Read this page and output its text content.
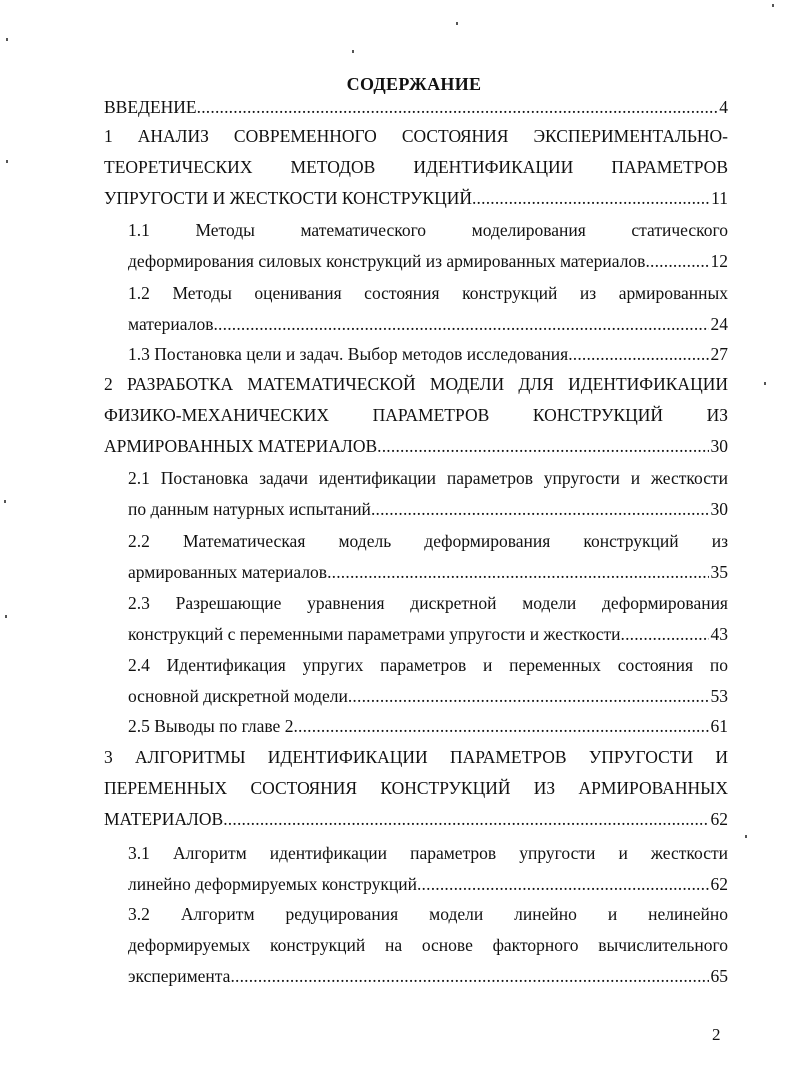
СОДЕРЖАНИЕ
ВВЕДЕНИЕ .....	4
1 АНАЛИЗ СОВРЕМЕННОГО СОСТОЯНИЯ ЭКСПЕРИМЕНТАЛЬНО-
ТЕОРЕТИЧЕСКИХ МЕТОДОВ ИДЕНТИФИКАЦИИ ПАРАМЕТРОВ
УПРУГОСТИ И ЖЕСТКОСТИ КОНСТРУКЦИЙ .....	11
1.1 Методы математического моделирования статического
деформирования силовых конструкций из армированных материалов .....	12
1.2 Методы оценивания состояния конструкций из армированных
материалов .....	24
1.3 Постановка цели и задач. Выбор методов исследования .....	27
2 РАЗРАБОТКА МАТЕМАТИЧЕСКОЙ МОДЕЛИ ДЛЯ ИДЕНТИФИКАЦИИ
ФИЗИКО-МЕХАНИЧЕСКИХ ПАРАМЕТРОВ КОНСТРУКЦИЙ ИЗ
АРМИРОВАННЫХ МАТЕРИАЛОВ .....	30
2.1 Постановка задачи идентификации параметров упругости и жесткости
по данным натурных испытаний .....	30
2.2 Математическая модель деформирования конструкций из
армированных материалов .....	35
2.3 Разрешающие уравнения дискретной модели деформирования
конструкций с переменными параметрами упругости и жесткости .....	43
2.4 Идентификация упругих параметров и переменных состояния по
основной дискретной модели .....	53
2.5 Выводы по главе 2 .....	61
3 АЛГОРИТМЫ ИДЕНТИФИКАЦИИ ПАРАМЕТРОВ УПРУГОСТИ И
ПЕРЕМЕННЫХ СОСТОЯНИЯ КОНСТРУКЦИЙ ИЗ АРМИРОВАННЫХ
МАТЕРИАЛОВ .....	62
3.1 Алгоритм идентификации параметров упругости и жесткости
линейно деформируемых конструкций .....	62
3.2 Алгоритм редуцирования модели линейно и нелинейно
деформируемых конструкций на основе факторного вычислительного
эксперимента .....	65
2
